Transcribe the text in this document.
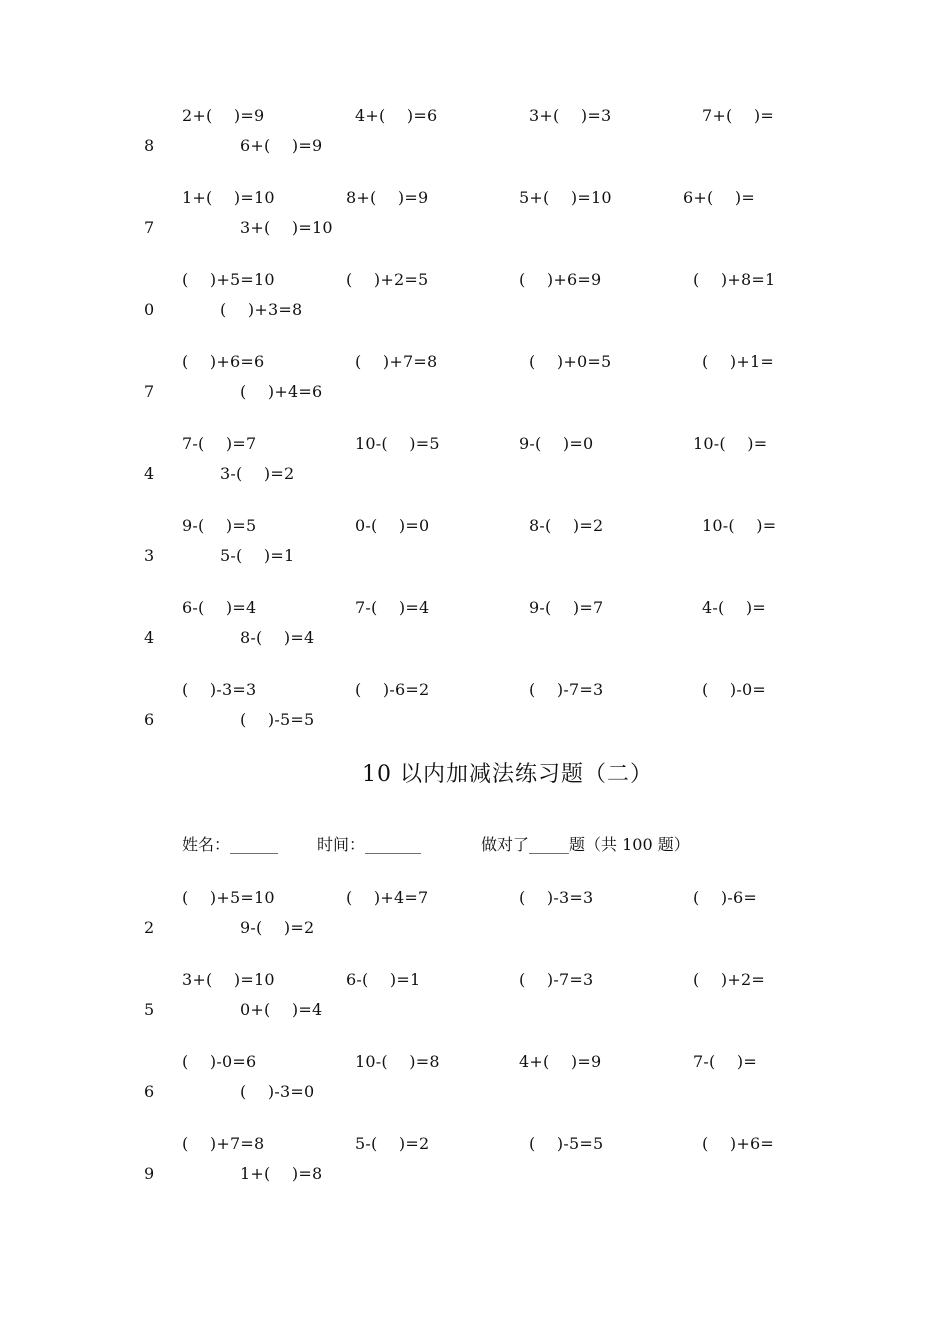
2+(　 )=9	4+(　 )=6	3+(　 )=3	7+(　 )=
8	6+(　 )=9
1+(　 )=10	8+(　 )=9	5+(　 )=10	6+(　 )=
7	3+(　 )=10
(　 )+5=10	(　 )+2=5	(　 )+6=9	(　 )+8=1
0	(　 )+3=8
(　 )+6=6	(　 )+7=8	(　 )+0=5	(　 )+1=
7	(　 )+4=6
7-(　 )=7	10-(　 )=5	9-(　 )=0	10-(　 )=
4	3-(　 )=2
9-(　 )=5	0-(　 )=0	8-(　 )=2	10-(　 )=
3	5-(　 )=1
6-(　 )=4	7-(　 )=4	9-(　 )=7	4-(　 )=
4	8-(　 )=4
(　 )-3=3	(　 )-6=2	(　 )-7=3	(　 )-0=
6	(　 )-5=5
10 以内加减法练习题（二）
姓名：______ 时间：_______	做对了_____题（共 100 题）
(　 )+5=10	(　 )+4=7	(　 )-3=3	(　 )-6=
2	9-(　 )=2
3+(　 )=10	6-(　 )=1	(　 )-7=3	(　 )+2=
5	0+(　 )=4
(　 )-0=6	10-(　 )=8	4+(　 )=9	7-(　 )=
6	(　 )-3=0
(　 )+7=8	5-(　 )=2	(　 )-5=5	(　 )+6=
9	1+(　 )=8
